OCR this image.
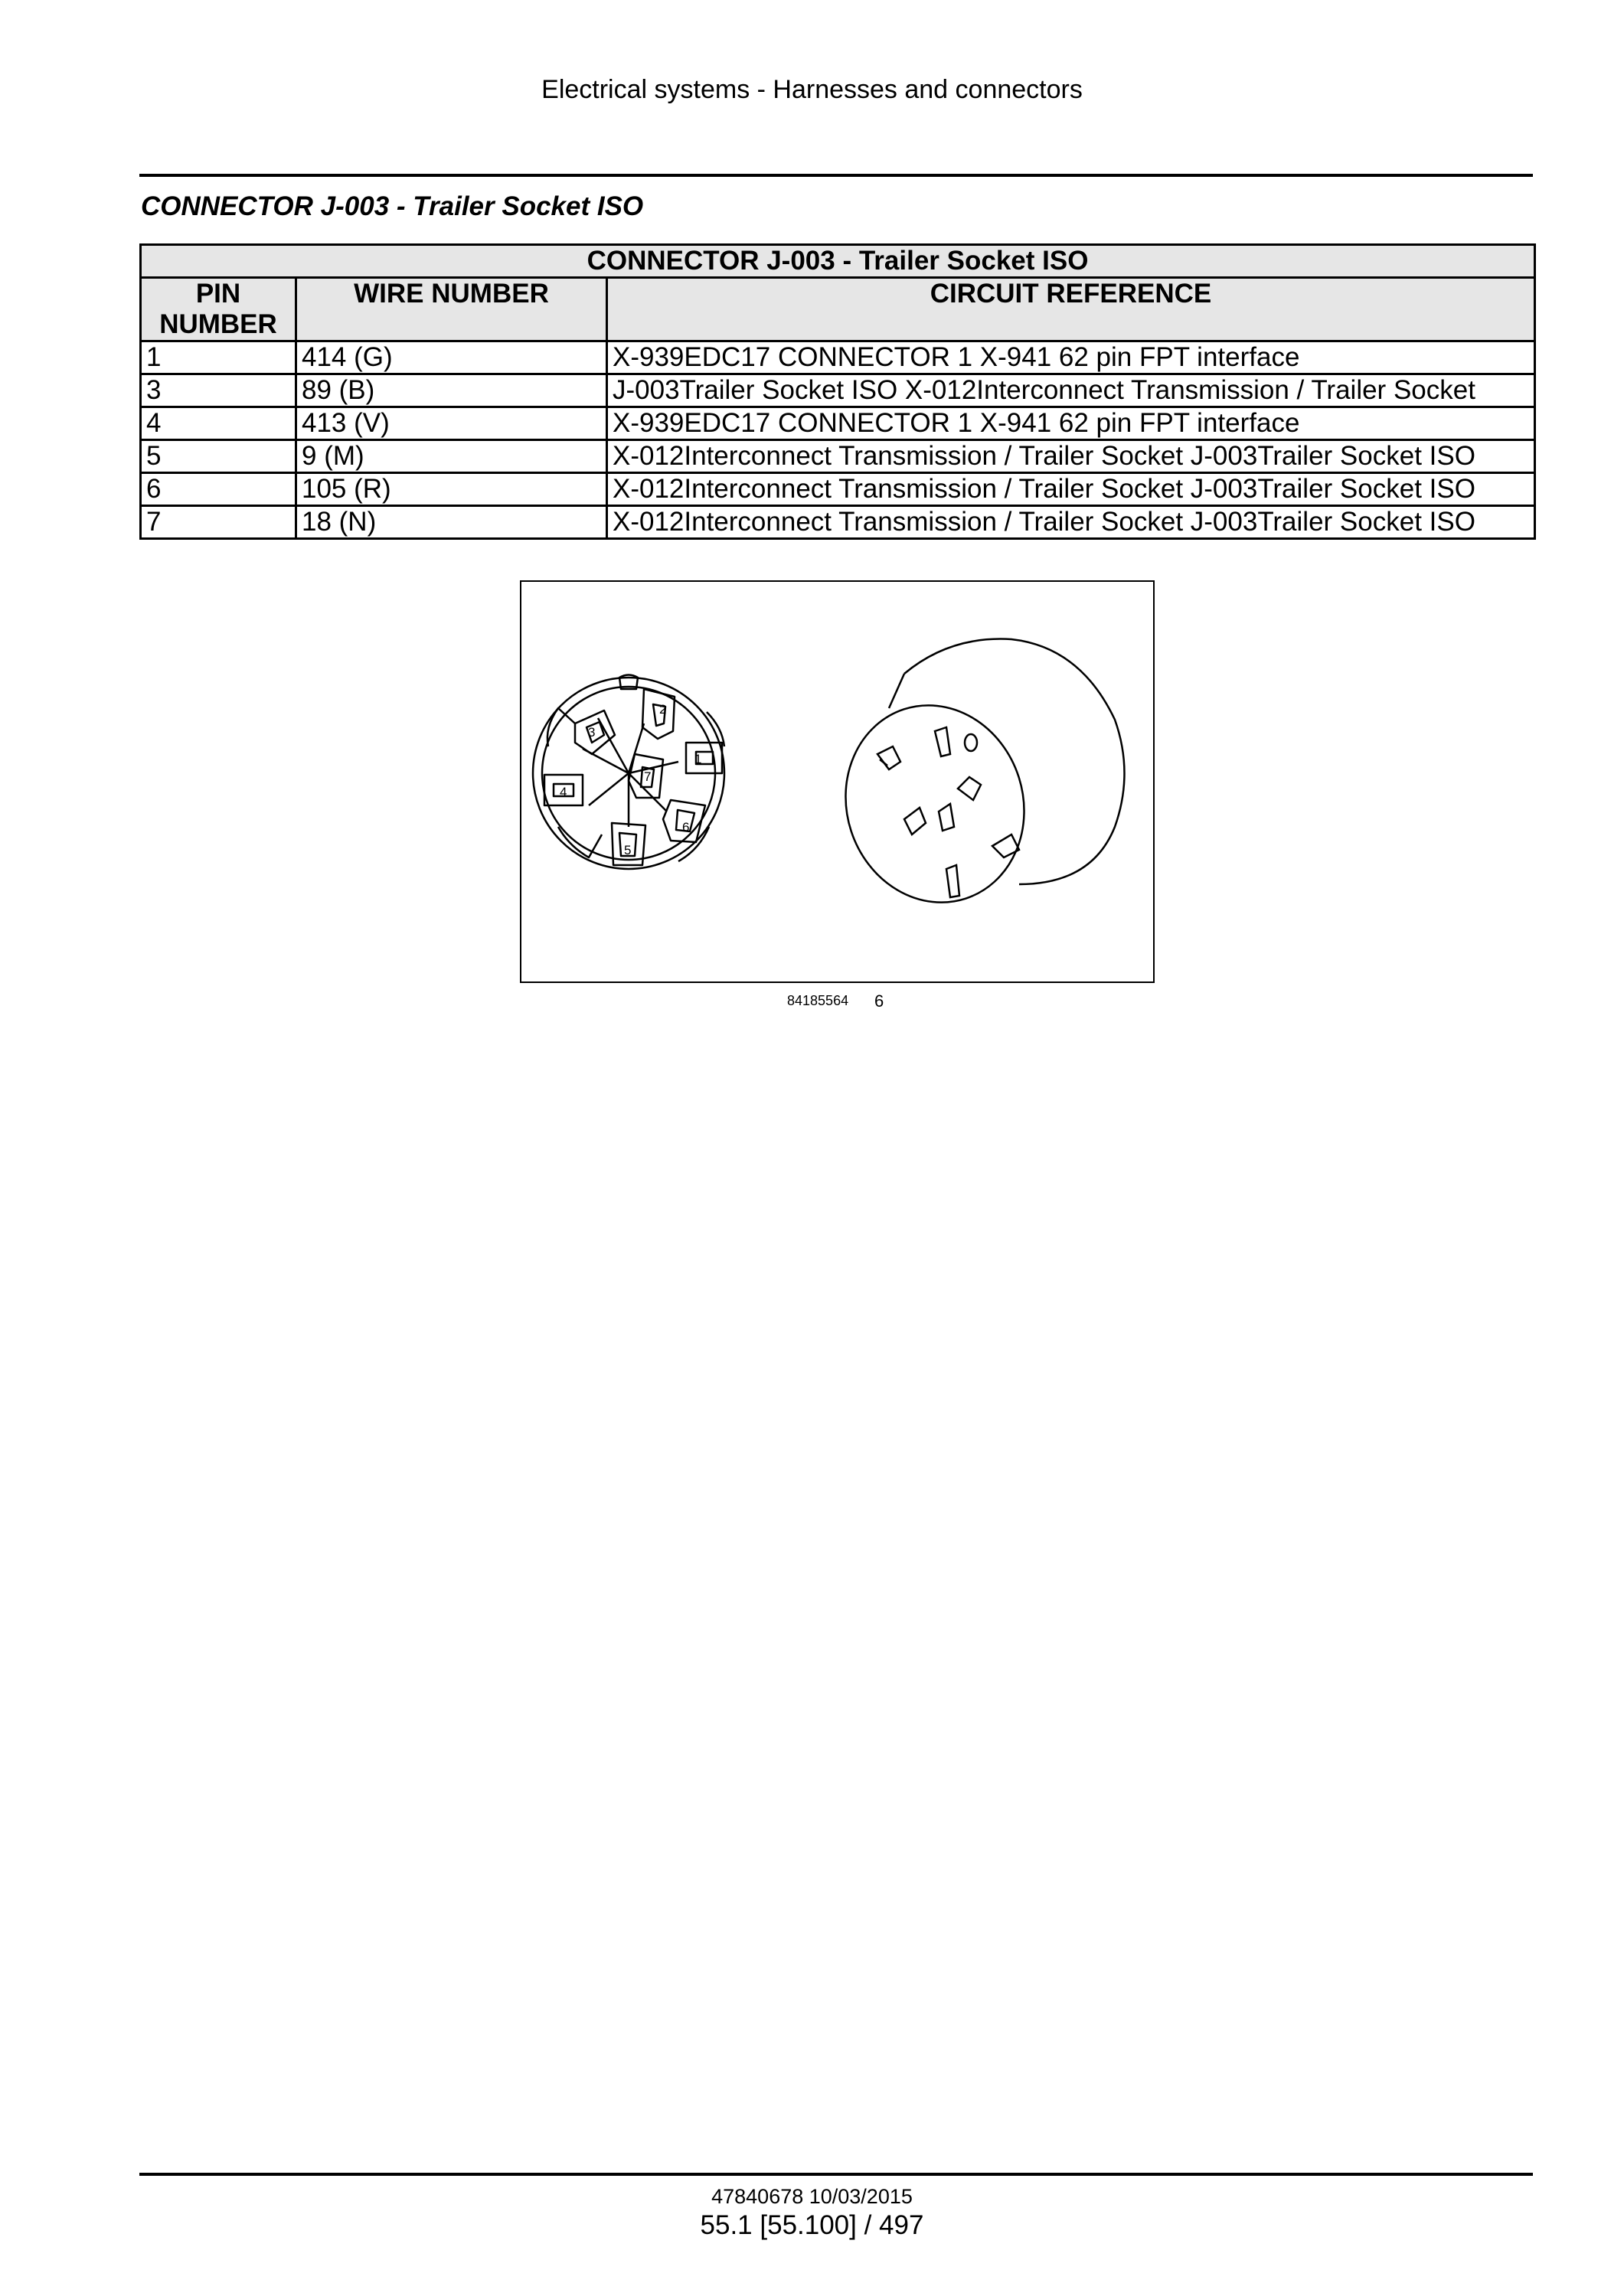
Electrical systems - Harnesses and connectors
CONNECTOR J-003 - Trailer Socket ISO
CONNECTOR J-003 - Trailer Socket ISO		
PIN NUMBER	WIRE NUMBER	CIRCUIT REFERENCE
1	414 (G)	X-939EDC17 CONNECTOR 1 X-941 62 pin FPT interface
3	89 (B)	J-003Trailer Socket ISO X-012Interconnect Transmission / Trailer Socket
4	413 (V)	X-939EDC17 CONNECTOR 1 X-941 62 pin FPT interface
5	9 (M)	X-012Interconnect Transmission / Trailer Socket J-003Trailer Socket ISO
6	105 (R)	X-012Interconnect Transmission / Trailer Socket J-003Trailer Socket ISO
7	18 (N)	X-012Interconnect Transmission / Trailer Socket J-003Trailer Socket ISO
1
2
3
4
5
6
7
84185564 6
47840678 10/03/2015
55.1 [55.100] / 497
